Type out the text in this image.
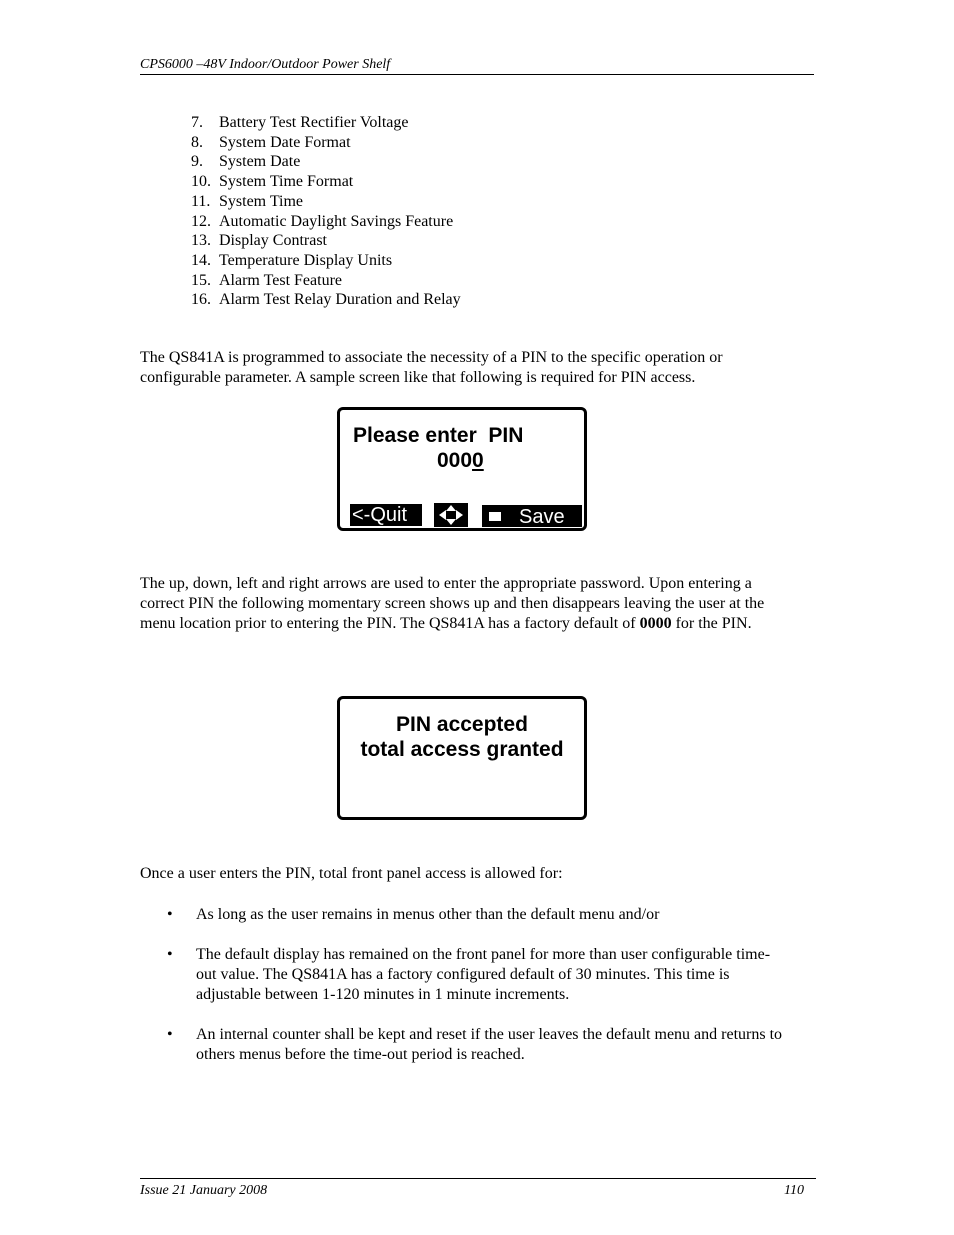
CPS6000 –48V Indoor/Outdoor Power Shelf
7.	Battery Test Rectifier Voltage
8.	System Date Format
9.	System Date
10. System Time Format
11. System Time
12. Automatic Daylight Savings Feature
13. Display Contrast
14. Temperature Display Units
15. Alarm Test Feature
16. Alarm Test Relay Duration and Relay
The QS841A is programmed to associate the necessity of a PIN to the specific operation or configurable parameter. A sample screen like that following is required for PIN access.
Please enter  PIN
0000
<-Quit	Save
The up, down, left and right arrows are used to enter the appropriate password. Upon entering a correct PIN the following momentary screen shows up and then disappears leaving the user at the menu location prior to entering the PIN. The QS841A has a factory default of 0000 for the PIN.
PIN accepted
total access granted
Once a user enters the PIN, total front panel access is allowed for:
• As long as the user remains in menus other than the default menu and/or
• The default display has remained on the front panel for more than user configurable time-out value. The QS841A has a factory configured default of 30 minutes. This time is adjustable between 1-120 minutes in 1 minute increments.
• An internal counter shall be kept and reset if the user leaves the default menu and returns to others menus before the time-out period is reached.
Issue 21 January 2008	110
